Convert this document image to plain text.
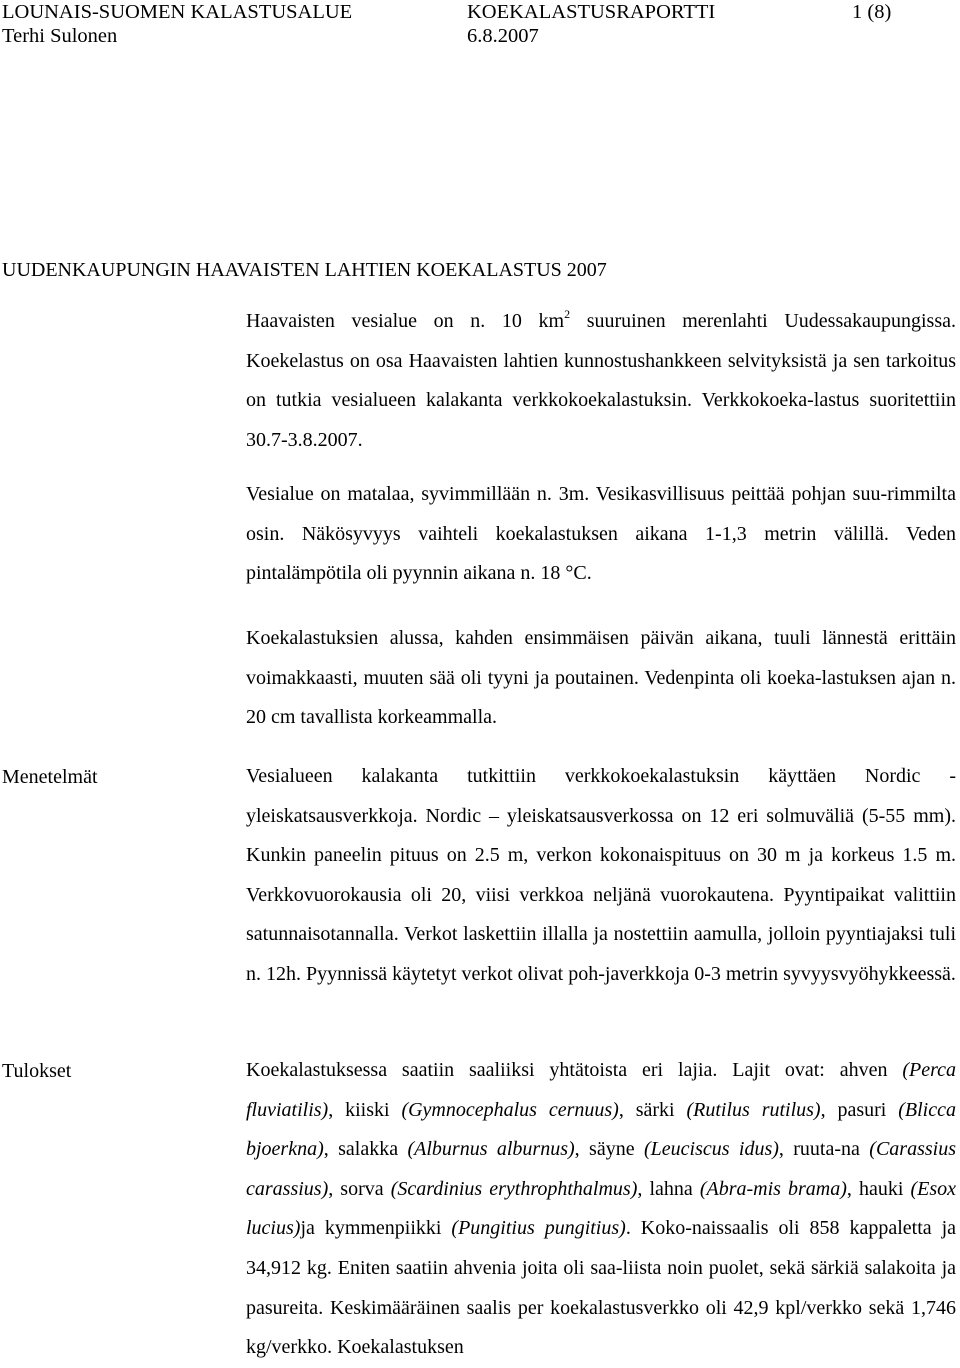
LOUNAIS-SUOMEN KALASTUSALUE	KOEKALASTUSRAPORTTI	1 (8)
Terhi Sulonen	6.8.2007
UUDENKAUPUNGIN HAAVAISTEN LAHTIEN KOEKALASTUS 2007

Haavaisten vesialue on n. 10 $km^2$ suuruinen merenlahti Uudessakaupungissa. Koekelastus on osa Haavaisten lahtien kunnostushankkeen selvityksistä ja sen tarkoitus on tutkia vesialueen kalakanta verkkokoekalastuksin. Verkkokoeka-lastus suoritettiin 30.7-3.8.2007.

Vesialue on matalaa, syvimmillään n. 3m. Vesikasvillisuus peittää pohjan suu-rimmilta osin. Näkösyvyys vaihteli koekalastuksen aikana 1-1,3 metrin välillä. Veden pintalämpötila oli pyynnin aikana n. 18 °C.

Koekalastuksien alussa, kahden ensimmäisen päivän aikana, tuuli lännestä erittäin voimakkaasti, muuten sää oli tyyni ja poutainen. Vedenpinta oli koeka-lastuksen ajan n. 20 cm tavallista korkeammalla.

Menetelmät	Vesialueen kalakanta tutkittiin verkkokoekalastuksin käyttäen Nordic - yleiskatsausverkkoja. Nordic – yleiskatsausverkossa on 12 eri solmuväliä (5-55 mm). Kunkin paneelin pituus on 2.5 m, verkon kokonaispituus on 30 m ja korkeus 1.5 m. Verkkovuorokausia oli 20, viisi verkkoa neljänä vuorokautena. Pyyntipaikat valittiin satunnaisotannalla. Verkot laskettiin illalla ja nostettiin aamulla, jolloin pyyntiajaksi tuli n. 12h. Pyynnissä käytetyt verkot olivat poh-javerkkoja 0-3 metrin syvyysvyöhykkeessä.

Tulokset	Koekalastuksessa saatiin saaliiksi yhtätoista eri lajia. Lajit ovat: ahven (Perca fluviatilis), kiiski (Gymnocephalus cernuus), särki (Rutilus rutilus), pasuri (Blicca bjoerkna), salakka (Alburnus alburnus), säyne (Leuciscus idus), ruuta-na (Carassius carassius), sorva (Scardinius erythrophthalmus), lahna (Abra-mis brama), hauki (Esox lucius)ja kymmenpiikki (Pungitius pungitius). Koko-naissaalis oli 858 kappaletta ja 34,912 kg. Eniten saatiin ahvenia joita oli saa-liista noin puolet, sekä särkiä salakoita ja pasureita. Keskimääräinen saalis per koekalastusverkko oli 42,9 kpl/verkko sekä 1,746 kg/verkko. Koekalastuksen
